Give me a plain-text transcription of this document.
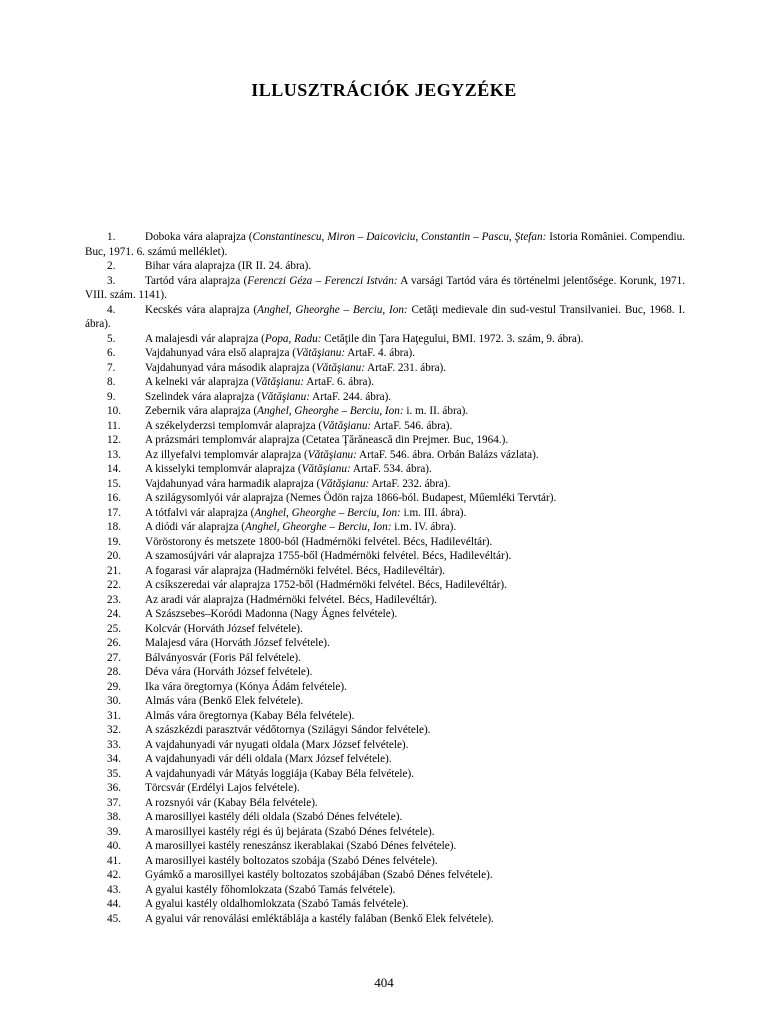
ILLUSZTRÁCIÓK JEGYZÉKE
1.	Doboka vára alaprajza (Constantinescu, Miron – Daicoviciu, Constantin – Pascu, Ştefan: Istoria României. Compendiu. Buc, 1971. 6. számú melléklet).
2.	Bihar vára alaprajza (IR II. 24. ábra).
3.	Tartód vára alaprajza (Ferenczi Géza – Ferenczi István: A varsági Tartód vára és történelmi jelentősége. Korunk, 1971. VIII. szám. 1141).
4.	Kecskés vára alaprajza (Anghel, Gheorghe – Berciu, Ion: Cetăţi medievale din sud-vestul Transilvaniei. Buc, 1968. I. ábra).
5.	A malajesdi vár alaprajza (Popa, Radu: Cetăţile din Ţara Haţegului, BMI. 1972. 3. szám, 9. ábra).
6.	Vajdahunyad vára első alaprajza (Vătăşianu: ArtaF. 4. ábra).
7.	Vajdahunyad vára második alaprajza (Vătăşianu: ArtaF. 231. ábra).
8.	A kelneki vár alaprajza (Vătăşianu: ArtaF. 6. ábra).
9.	Szelindek vára alaprajza (Vătăşianu: ArtaF. 244. ábra).
10. Zebernik vára alaprajza (Anghel, Gheorghe – Berciu, Ion: i. m. II. ábra).
11. A székelyderzsi templomvár alaprajza (Vătăşianu: ArtaF. 546. ábra).
12. A prázsmári templomvár alaprajza (Cetatea Ţărănească din Prejmer. Buc, 1964.).
13. Az illyefalvi templomvár alaprajza (Vătăşianu: ArtaF. 546. ábra. Orbán Balázs vázlata).
14. A kisselyki templomvár alaprajza (Vătăşianu: ArtaF. 534. ábra).
15. Vajdahunyad vára harmadik alaprajza (Vătăşianu: ArtaF. 232. ábra).
16. A szilágysomlyói vár alaprajza (Nemes Ödön rajza 1866-ból. Budapest, Műemléki Tervtár).
17. A tótfalvi vár alaprajza (Anghel, Gheorghe – Berciu, Ion: i.m. III. ábra).
18. A diódi vár alaprajza (Anghel, Gheorghe – Berciu, Ion: i.m. IV. ábra).
19. Vöröstorony és metszete 1800-ból (Hadmérnöki felvétel. Bécs, Hadilevéltár).
20. A szamosújvári vár alaprajza 1755-ből (Hadmérnöki felvétel. Bécs, Hadilevéltár).
21. A fogarasi vár alaprajza (Hadmérnöki felvétel. Bécs, Hadilevéltár).
22. A csíkszeredai vár alaprajza 1752-ből (Hadmérnöki felvétel. Bécs, Hadilevéltár).
23. Az aradi vár alaprajza (Hadmérnöki felvétel. Bécs, Hadilevéltár).
24. A Szászsebes–Koródi Madonna (Nagy Ágnes felvétele).
25. Kolcvár (Horváth József felvétele).
26. Malajesd vára (Horváth József felvétele).
27. Bálványosvár (Foris Pál felvétele).
28. Déva vára (Horváth József felvétele).
29. Ika vára öregtornya (Kónya Ádám felvétele).
30. Almás vára (Benkő Elek felvétele).
31. Almás vára öregtornya (Kabay Béla felvétele).
32. A szászkézdi parasztvár védőtornya (Szilágyi Sándor felvétele).
33. A vajdahunyadi vár nyugati oldala (Marx József felvétele).
34. A vajdahunyadi vár déli oldala (Marx József felvétele).
35. A vajdahunyadi vár Mátyás loggiája (Kabay Béla felvétele).
36. Törcsvár (Erdélyi Lajos felvétele).
37. A rozsnyói vár (Kabay Béla felvétele).
38. A marosillyei kastély déli oldala (Szabó Dénes felvétele).
39. A marosillyei kastély régi és új bejárata (Szabó Dénes felvétele).
40. A marosillyei kastély reneszánsz ikerablakai (Szabó Dénes felvétele).
41. A marosillyei kastély boltozatos szobája (Szabó Dénes felvétele).
42. Gyámkő a marosillyei kastély boltozatos szobájában (Szabó Dénes felvétele).
43. A gyalui kastély főhomlokzata (Szabó Tamás felvétele).
44. A gyalui kastély oldalhomlokzata (Szabó Tamás felvétele).
45. A gyalui vár renoválási emléktáblája a kastély falában (Benkő Elek felvétele).
404
